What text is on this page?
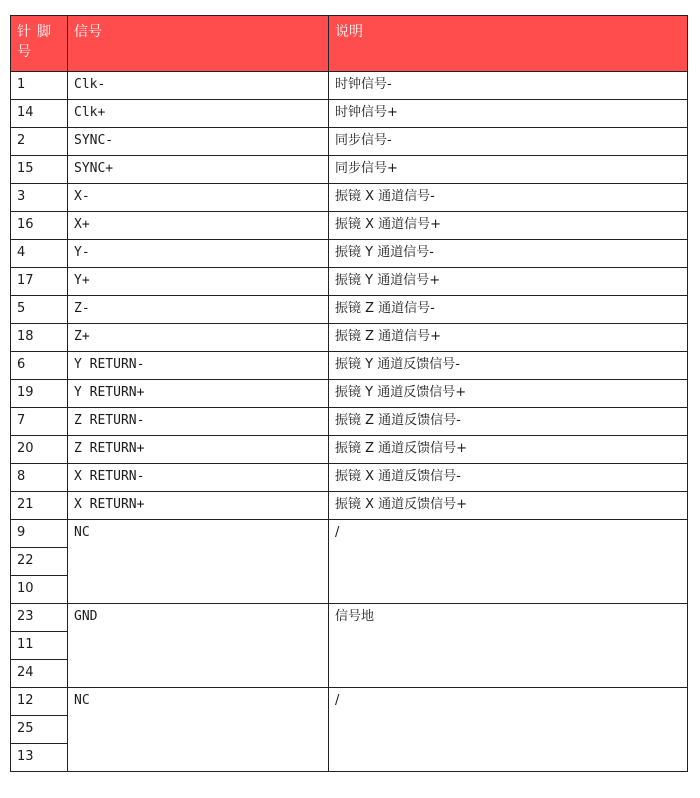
针脚号	信号	说明
1	Clk-	时钟信号-
14	Clk+	时钟信号+
2	SYNC-	同步信号-
15	SYNC+	同步信号+
3	X-	振镜 X 通道信号-
16	X+	振镜 X 通道信号+
4	Y-	振镜 Y 通道信号-
17	Y+	振镜 Y 通道信号+
5	Z-	振镜 Z 通道信号-
18	Z+	振镜 Z 通道信号+
6	Y RETURN-	振镜 Y 通道反馈信号-
19	Y RETURN+	振镜 Y 通道反馈信号+
7	Z RETURN-	振镜 Z 通道反馈信号-
20	Z RETURN+	振镜 Z 通道反馈信号+
8	X RETURN-	振镜 X 通道反馈信号-
21	X RETURN+	振镜 X 通道反馈信号+
9	NC	/
22		
10		
23	GND	信号地
11		
24		
12	NC	/
25		
13		
